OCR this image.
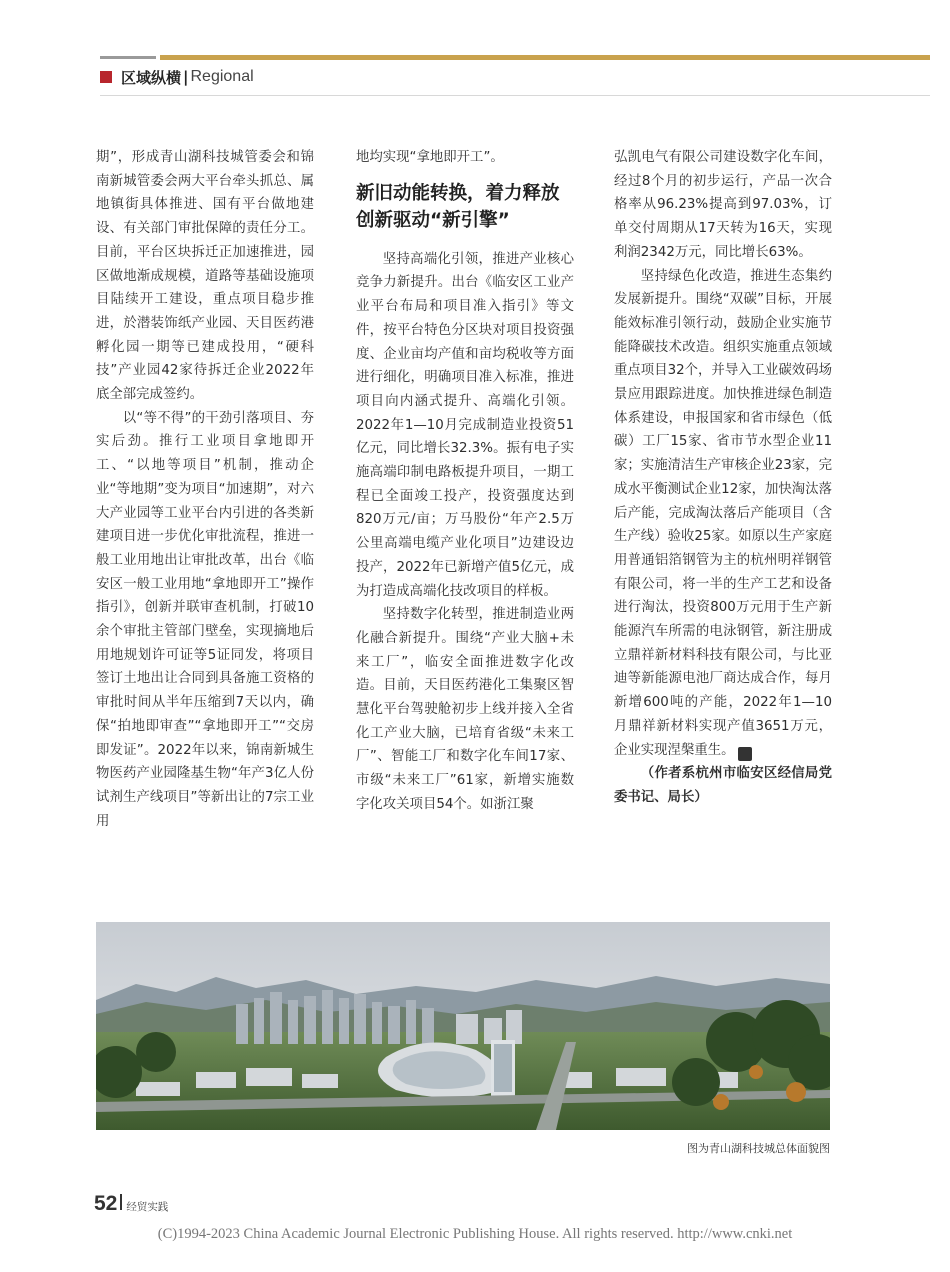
区域纵横 | Regional

期”，形成青山湖科技城管委会和锦南新城管委会两大平台牵头抓总、属地镇街具体推进、国有平台做地建设、有关部门审批保障的责任分工。目前，平台区块拆迁正加速推进，园区做地渐成规模，道路等基础设施项目陆续开工建设，重点项目稳步推进，於潜装饰纸产业园、天目医药港孵化园一期等已建成投用，“硬科技”产业园42家待拆迁企业2022年底全部完成签约。

以“等不得”的干劲引落项目、夯实后劲。推行工业项目拿地即开工、“以地等项目”机制，推动企业“等地期”变为项目“加速期”，对六大产业园等工业平台内引进的各类新建项目进一步优化审批流程，推进一般工业用地出让审批改革，出台《临安区一般工业用地“拿地即开工”操作指引》，创新并联审查机制，打破10余个审批主管部门壁垒，实现摘地后用地规划许可证等5证同发，将项目签订土地出让合同到具备施工资格的审批时间从半年压缩到7天以内，确保“拍地即审查”“拿地即开工”“交房即发证”。2022年以来，锦南新城生物医药产业园隆基生物“年产3亿人份试剂生产线项目”等新出让的7宗工业用

地均实现“拿地即开工”。

新旧动能转换，着力释放创新驱动“新引擎”

坚持高端化引领，推进产业核心竞争力新提升。出台《临安区工业产业平台布局和项目准入指引》等文件，按平台特色分区块对项目投资强度、企业亩均产值和亩均税收等方面进行细化，明确项目准入标准，推进项目向内涵式提升、高端化引领。2022年1—10月完成制造业投资51亿元，同比增长32.3%。振有电子实施高端印制电路板提升项目，一期工程已全面竣工投产，投资强度达到820万元/亩；万马股份“年产2.5万公里高端电缆产业化项目”边建设边投产，2022年已新增产值5亿元，成为打造成高端化技改项目的样板。

坚持数字化转型，推进制造业两化融合新提升。围绕“产业大脑+未来工厂”，临安全面推进数字化改造。目前，天目医药港化工集聚区智慧化平台驾驶舱初步上线并接入全省化工产业大脑，已培育省级“未来工厂”、智能工厂和数字化车间17家、市级“未来工厂”61家，新增实施数字化攻关项目54个。如浙江聚

弘凯电气有限公司建设数字化车间，经过8个月的初步运行，产品一次合格率从96.23%提高到97.03%，订单交付周期从17天转为16天，实现利润2342万元，同比增长63%。

坚持绿色化改造，推进生态集约发展新提升。围绕“双碳”目标，开展能效标准引领行动，鼓励企业实施节能降碳技术改造。组织实施重点领域重点项目32个，并导入工业碳效码场景应用跟踪进度。加快推进绿色制造体系建设，申报国家和省市绿色（低碳）工厂15家、省市节水型企业11家；实施清洁生产审核企业23家，完成水平衡测试企业12家，加快淘汰落后产能，完成淘汰落后产能项目（含生产线）验收25家。如原以生产家庭用普通铝箔钢管为主的杭州明祥钢管有限公司，将一半的生产工艺和设备进行淘汰，投资800万元用于生产新能源汽车所需的电泳钢管，新注册成立鼎祥新材料科技有限公司，与比亚迪等新能源电池厂商达成合作，每月新增600吨的产能，2022年1—10月鼎祥新材料实现产值3651万元，企业实现涅槃重生。	经

（作者系杭州市临安区经信局党委书记、局长）

图为青山湖科技城总体面貌图
52 经贸实践
(C)1994-2023 China Academic Journal Electronic Publishing House. All rights reserved. http://www.cnki.net
